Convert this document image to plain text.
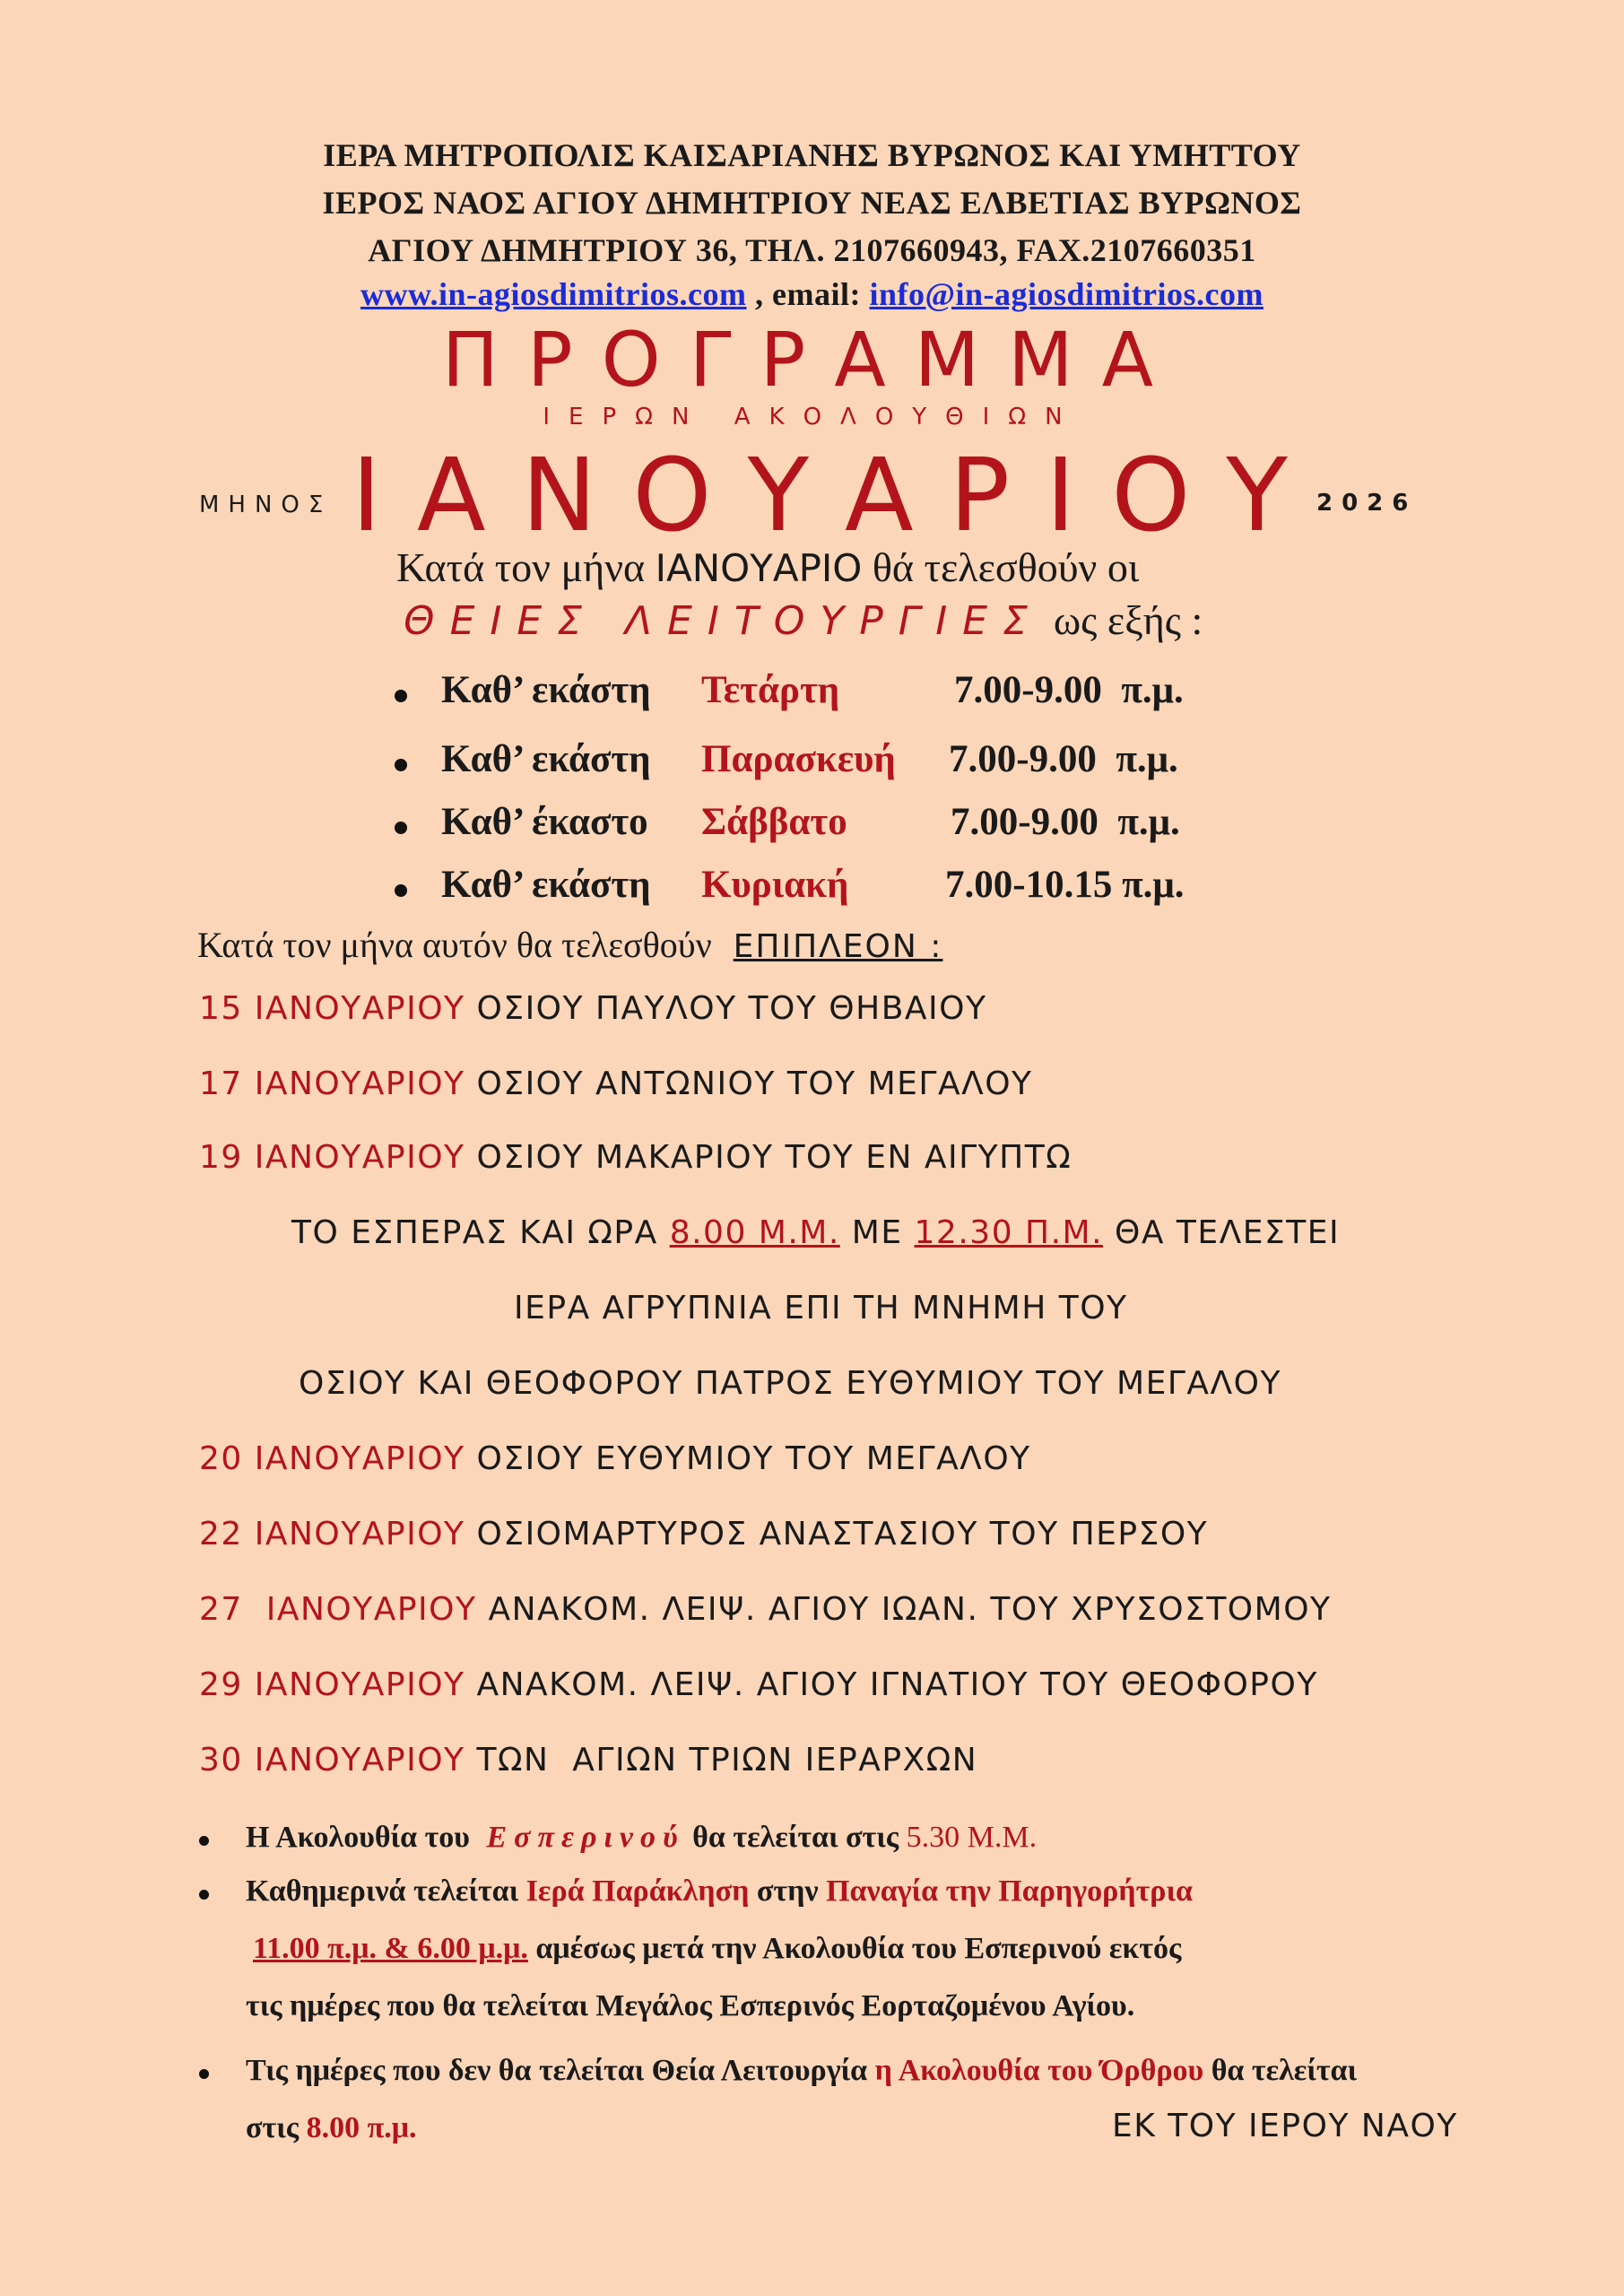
ΙΕΡΑ ΜΗΤΡΟΠΟΛΙΣ ΚΑΙΣΑΡΙΑΝΗΣ ΒΥΡΩΝΟΣ ΚΑΙ ΥΜΗΤΤΟΥ
ΙΕΡΟΣ ΝΑΟΣ ΑΓΙΟΥ ΔΗΜΗΤΡΙΟΥ ΝΕΑΣ ΕΛΒΕΤΙΑΣ ΒΥΡΩΝΟΣ
ΑΓΙΟΥ ΔΗΜΗΤΡΙΟΥ 36, ΤΗΛ. 2107660943, FAX.2107660351
www.in-agiosdimitrios.com , email: info@in-agiosdimitrios.com
ΠΡΟΓΡΑΜΜΑ
ΙΕΡΩΝ ΑΚΟΛΟΥΘΙΩΝ
ΜΗΝΟΣ ΙΑΝΟΥΑΡΙΟΥ
2026
Κατά τον μήνα ΙΑΝΟΥΑΡΙΟ θά τελεσθούν οι
ΘΕΙΕΣ ΛΕΙΤΟΥΡΓΙΕΣ ως εξής :
Καθ’ εκάστη Τετάρτη	7.00-9.00  π.μ.
Καθ’ εκάστη Παρασκευή 7.00-9.00  π.μ.
Καθ’ έκαστο Σάββατο	7.00-9.00  π.μ.
Καθ’ εκάστη Κυριακή	7.00-10.15 π.μ.
Κατά τον μήνα αυτόν θα τελεσθούν ΕΠΙΠΛΕΟΝ :
15 ΙΑΝΟΥΑΡΙΟΥ ΟΣΙΟΥ ΠΑΥΛΟΥ ΤΟΥ ΘΗΒΑΙΟΥ
17 ΙΑΝΟΥΑΡΙΟΥ ΟΣΙΟΥ ΑΝΤΩΝΙΟΥ ΤΟΥ ΜΕΓΑΛΟΥ
19 ΙΑΝΟΥΑΡΙΟΥ ΟΣΙΟΥ ΜΑΚΑΡΙΟΥ ΤΟΥ ΕΝ ΑΙΓΥΠΤΩ
ΤΟ ΕΣΠΕΡΑΣ ΚΑΙ ΩΡΑ 8.00 Μ.Μ. ΜΕ 12.30 Π.Μ. ΘΑ ΤΕΛΕΣΤΕΙ
ΙΕΡΑ ΑΓΡΥΠΝΙΑ ΕΠΙ ΤΗ ΜΝΗΜΗ ΤΟΥ
ΟΣΙΟΥ ΚΑΙ ΘΕΟΦΟΡΟΥ ΠΑΤΡΟΣ ΕΥΘΥΜΙΟΥ ΤΟΥ ΜΕΓΑΛΟΥ
20 ΙΑΝΟΥΑΡΙΟΥ ΟΣΙΟΥ ΕΥΘΥΜΙΟΥ ΤΟΥ ΜΕΓΑΛΟΥ
22 ΙΑΝΟΥΑΡΙΟΥ ΟΣΙΟΜΑΡΤΥΡΟΣ ΑΝΑΣΤΑΣΙΟΥ ΤΟΥ ΠΕΡΣΟΥ
27  ΙΑΝΟΥΑΡΙΟΥ ΑΝΑΚΟΜ. ΛΕΙΨ. ΑΓΙΟΥ ΙΩΑΝ. ΤΟΥ ΧΡΥΣΟΣΤΟΜΟΥ
29 ΙΑΝΟΥΑΡΙΟΥ ΑΝΑΚΟΜ. ΛΕΙΨ. ΑΓΙΟΥ ΙΓΝΑΤΙΟΥ ΤΟΥ ΘΕΟΦΟΡΟΥ
30 ΙΑΝΟΥΑΡΙΟΥ ΤΩΝ  ΑΓΙΩΝ ΤΡΙΩΝ ΙΕΡΑΡΧΩΝ
Η Ακολουθία του Εσπερινού θα τελείται στις 5.30 Μ.Μ.
Καθημερινά τελείται Ιερά Παράκληση στην Παναγία την Παρηγορήτρια
11.00 π.μ. & 6.00 μ.μ. αμέσως μετά την Ακολουθία του Εσπερινού εκτός
τις ημέρες που θα τελείται Μεγάλος Εσπερινός Εορταζομένου Αγίου.
Τις ημέρες που δεν θα τελείται Θεία Λειτουργία η Ακολουθία του Όρθρου θα τελείται
στις 8.00 π.μ.	ΕΚ ΤΟΥ ΙΕΡΟΥ ΝΑΟΥ
